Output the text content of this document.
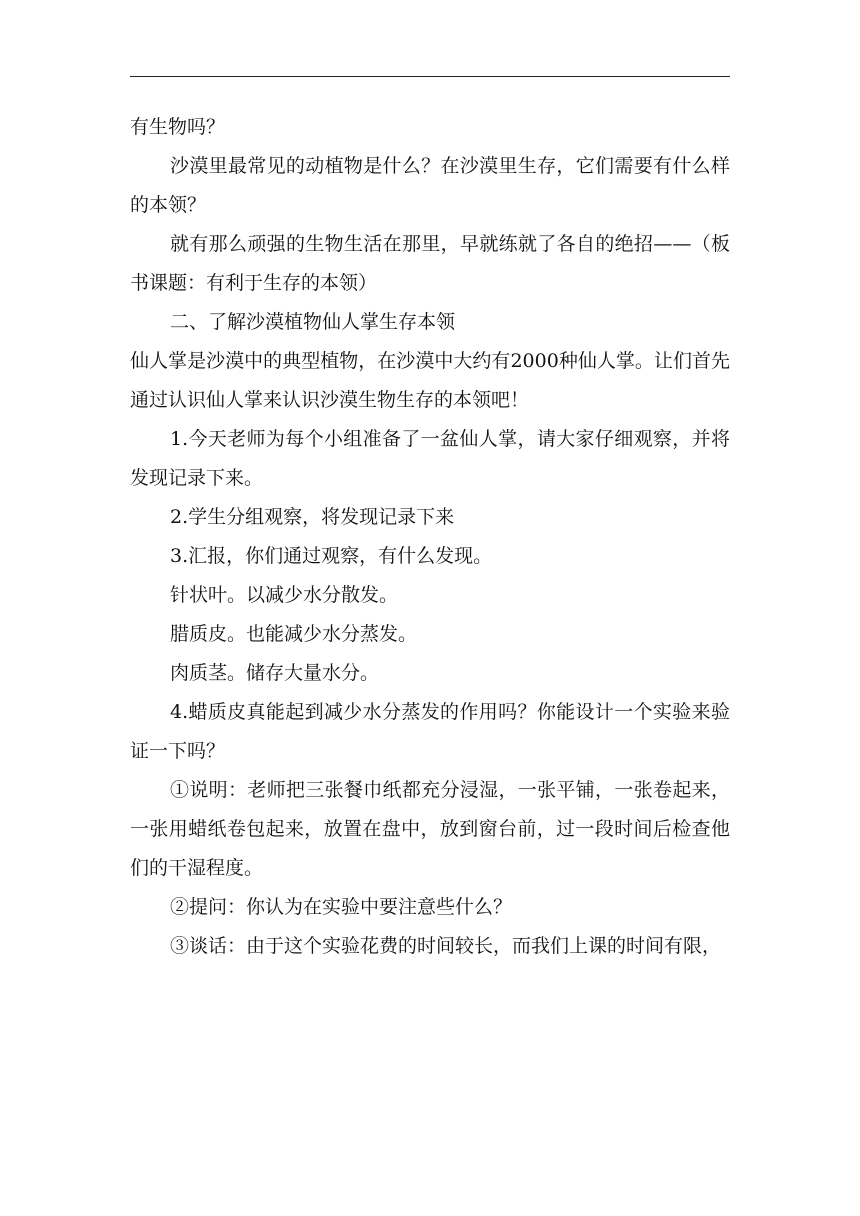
有生物吗？

沙漠里最常见的动植物是什么？在沙漠里生存，它们需要有什么样的本领？

就有那么顽强的生物生活在那里，早就练就了各自的绝招——（板书课题：有利于生存的本领）

二、了解沙漠植物仙人掌生存本领

仙人掌是沙漠中的典型植物，在沙漠中大约有2000种仙人掌。让们首先通过认识仙人掌来认识沙漠生物生存的本领吧！

1.今天老师为每个小组准备了一盆仙人掌，请大家仔细观察，并将发现记录下来。

2.学生分组观察，将发现记录下来

3.汇报，你们通过观察，有什么发现。

针状叶。以减少水分散发。

腊质皮。也能减少水分蒸发。

肉质茎。储存大量水分。

4.蜡质皮真能起到减少水分蒸发的作用吗？你能设计一个实验来验证一下吗？

①说明：老师把三张餐巾纸都充分浸湿，一张平铺，一张卷起来，一张用蜡纸卷包起来，放置在盘中，放到窗台前，过一段时间后检查他们的干湿程度。

②提问：你认为在实验中要注意些什么？

③谈话：由于这个实验花费的时间较长，而我们上课的时间有限，
